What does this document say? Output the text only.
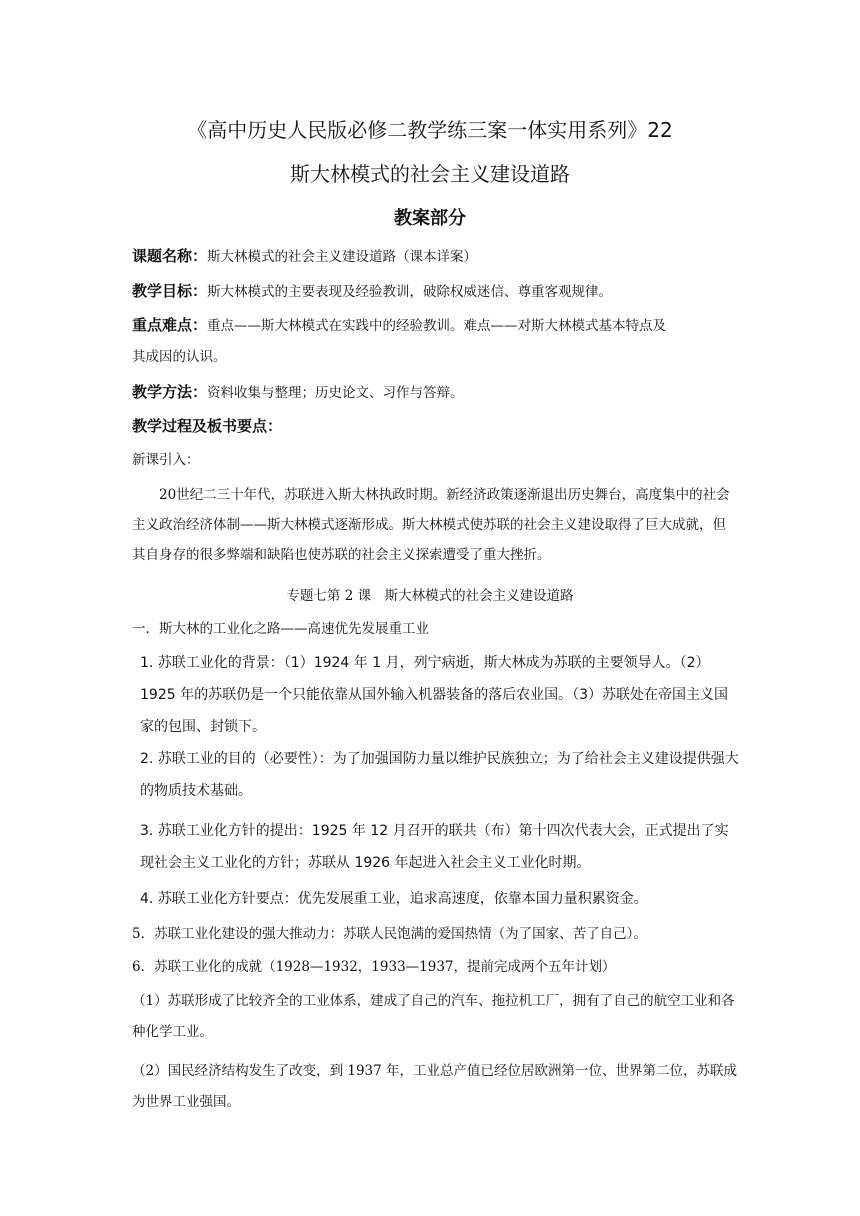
《高中历史人民版必修二教学练三案一体实用系列》22
斯大林模式的社会主义建设道路
教案部分
课题名称：斯大林模式的社会主义建设道路（课本详案）
教学目标：斯大林模式的主要表现及经验教训，破除权威迷信、尊重客观规律。
重点难点：重点——斯大林模式在实践中的经验教训。难点——对斯大林模式基本特点及
其成因的认识。
教学方法：资料收集与整理；历史论文、习作与答辩。
教学过程及板书要点：
新课引入：
20世纪二三十年代，苏联进入斯大林执政时期。新经济政策逐渐退出历史舞台，高度集中的社会主义政治经济体制——斯大林模式逐渐形成。斯大林模式使苏联的社会主义建设取得了巨大成就，但其自身存的很多弊端和缺陷也使苏联的社会主义探索遭受了重大挫折。
专题七第 2 课　斯大林模式的社会主义建设道路
一．斯大林的工业化之路——高速优先发展重工业
1. 苏联工业化的背景：（1）1924 年 1 月，列宁病逝，斯大林成为苏联的主要领导人。（2）1925 年的苏联仍是一个只能依靠从国外输入机器装备的落后农业国。（3）苏联处在帝国主义国家的包围、封锁下。
2. 苏联工业的目的（必要性）：为了加强国防力量以维护民族独立；为了给社会主义建设提供强大的物质技术基础。
3. 苏联工业化方针的提出：1925 年 12 月召开的联共（布）第十四次代表大会，正式提出了实现社会主义工业化的方针；苏联从 1926 年起进入社会主义工业化时期。
4. 苏联工业化方针要点：优先发展重工业，追求高速度，依靠本国力量积累资金。
5．苏联工业化建设的强大推动力：苏联人民饱满的爱国热情（为了国家、苦了自己）。
6．苏联工业化的成就（1928—1932，1933—1937，提前完成两个五年计划）
（1）苏联形成了比较齐全的工业体系，建成了自己的汽车、拖拉机工厂，拥有了自己的航空工业和各种化学工业。
（2）国民经济结构发生了改变，到 1937 年，工业总产值已经位居欧洲第一位、世界第二位，苏联成为世界工业强国。
